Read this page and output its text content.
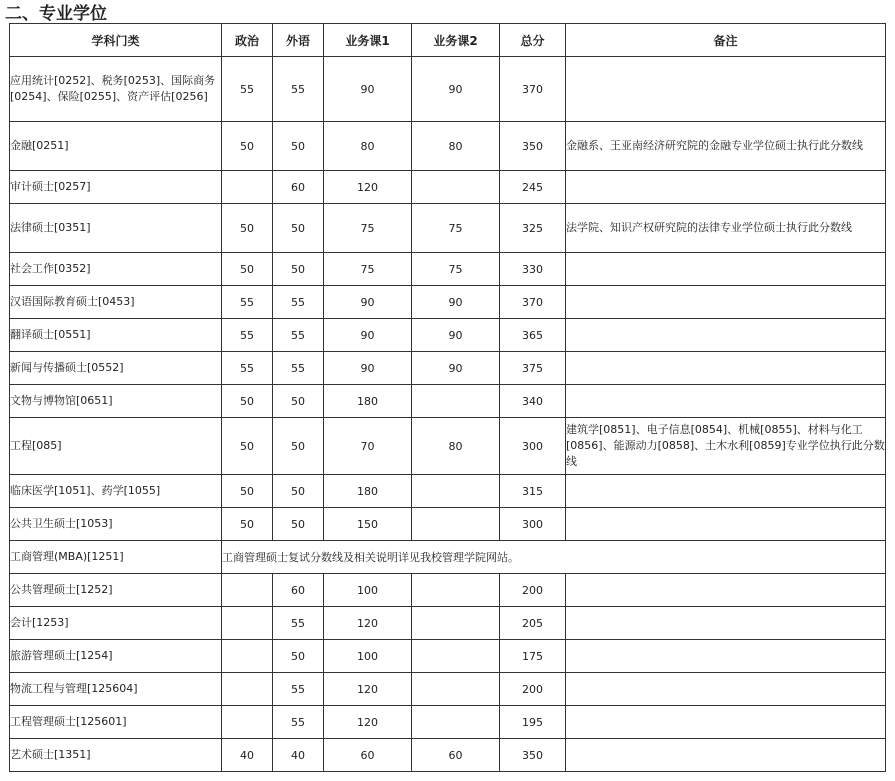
二、专业学位
学科门类	政治	外语	业务课1	业务课2	总分	备注
应用统计[0252]、税务[0253]、国际商务[0254]、保险[0255]、资产评估[0256]	55	55	90	90	370	
金融[0251]	50	50	80	80	350	金融系、王亚南经济研究院的金融专业学位硕士执行此分数线
审计硕士[0257]		60	120		245	
法律硕士[0351]	50	50	75	75	325	法学院、知识产权研究院的法律专业学位硕士执行此分数线
社会工作[0352]	50	50	75	75	330	
汉语国际教育硕士[0453]	55	55	90	90	370	
翻译硕士[0551]	55	55	90	90	365	
新闻与传播硕士[0552]	55	55	90	90	375	
文物与博物馆[0651]	50	50	180		340	
工程[085]	50	50	70	80	300	建筑学[0851]、电子信息[0854]、机械[0855]、材料与化工[0856]、能源动力[0858]、土木水利[0859]专业学位执行此分数线
临床医学[1051]、药学[1055]	50	50	180		315	
公共卫生硕士[1053]	50	50	150		300	
工商管理(MBA)[1251]	工商管理硕士复试分数线及相关说明详见我校管理学院网站。					
公共管理硕士[1252]		60	100		200	
会计[1253]		55	120		205	
旅游管理硕士[1254]		50	100		175	
物流工程与管理[125604]		55	120		200	
工程管理硕士[125601]		55	120		195	
艺术硕士[1351]	40	40	60	60	350	
